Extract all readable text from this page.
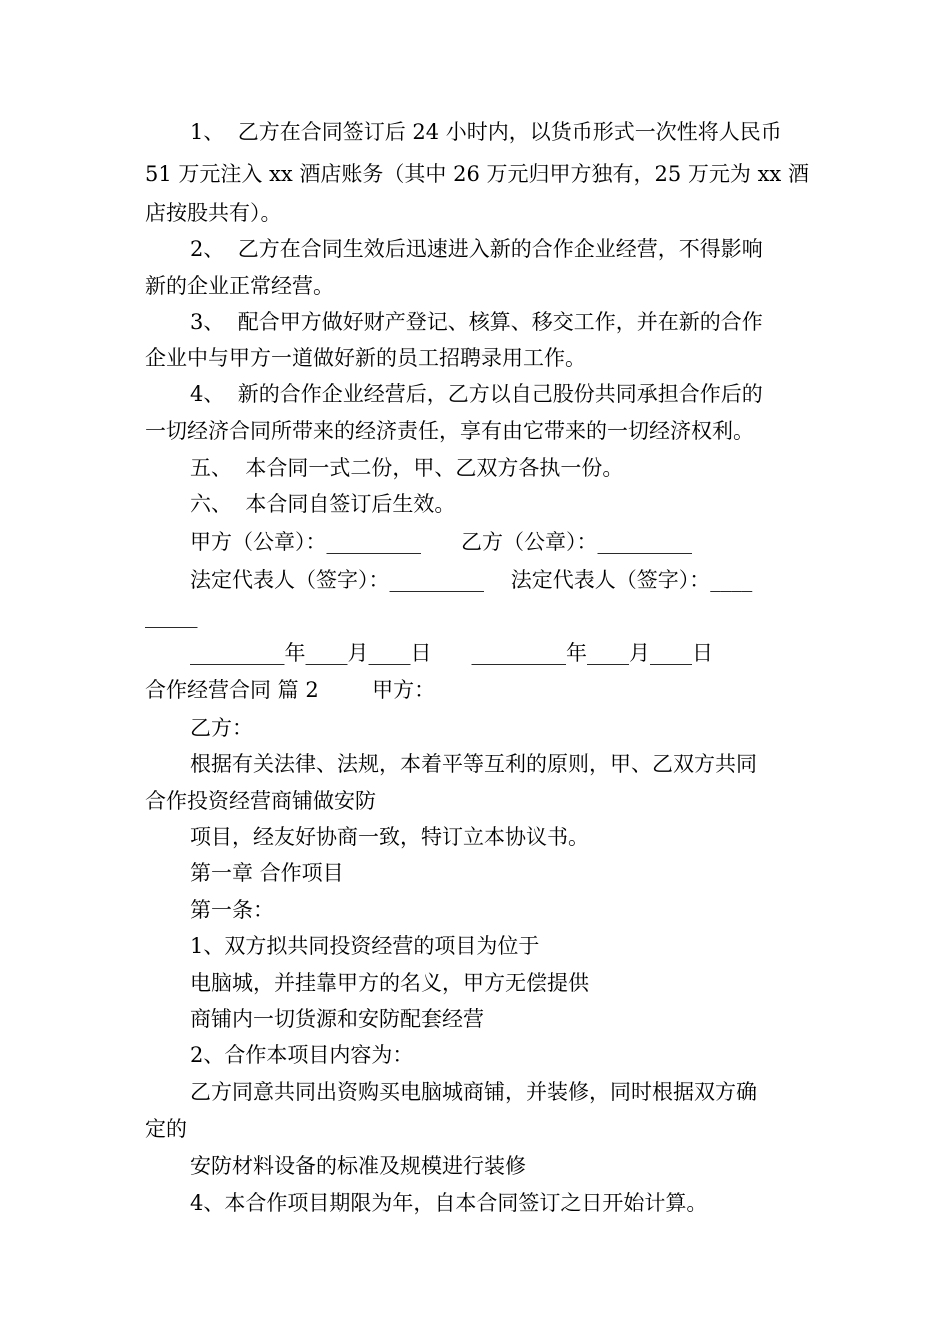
1、  乙方在合同签订后 24 小时内，以货币形式一次性将人民币
51 万元注入 xx 酒店账务（其中 26 万元归甲方独有，25 万元为 xx 酒
店按股共有）。
2、  乙方在合同生效后迅速进入新的合作企业经营，不得影响
新的企业正常经营。
3、  配合甲方做好财产登记、核算、移交工作，并在新的合作
企业中与甲方一道做好新的员工招聘录用工作。
4、  新的合作企业经营后，乙方以自己股份共同承担合作后的
一切经济合同所带来的经济责任，享有由它带来的一切经济权利。
五、  本合同一式二份，甲、乙双方各执一份。
六、  本合同自签订后生效。
甲方（公章）：_________      乙方（公章）：_________
法定代表人（签字）：_________    法定代表人（签字）：____
_____
_________年____月____日      _________年____月____日
合作经营合同 篇 2        甲方：
乙方：
根据有关法律、法规，本着平等互利的原则，甲、乙双方共同
合作投资经营商铺做安防
项目，经友好协商一致，特订立本协议书。
第一章 合作项目
第一条：
1、双方拟共同投资经营的项目为位于
电脑城，并挂靠甲方的名义，甲方无偿提供
商铺内一切货源和安防配套经营
2、合作本项目内容为：
乙方同意共同出资购买电脑城商铺，并装修，同时根据双方确
定的
安防材料设备的标准及规模进行装修
4、本合作项目期限为年，自本合同签订之日开始计算。
